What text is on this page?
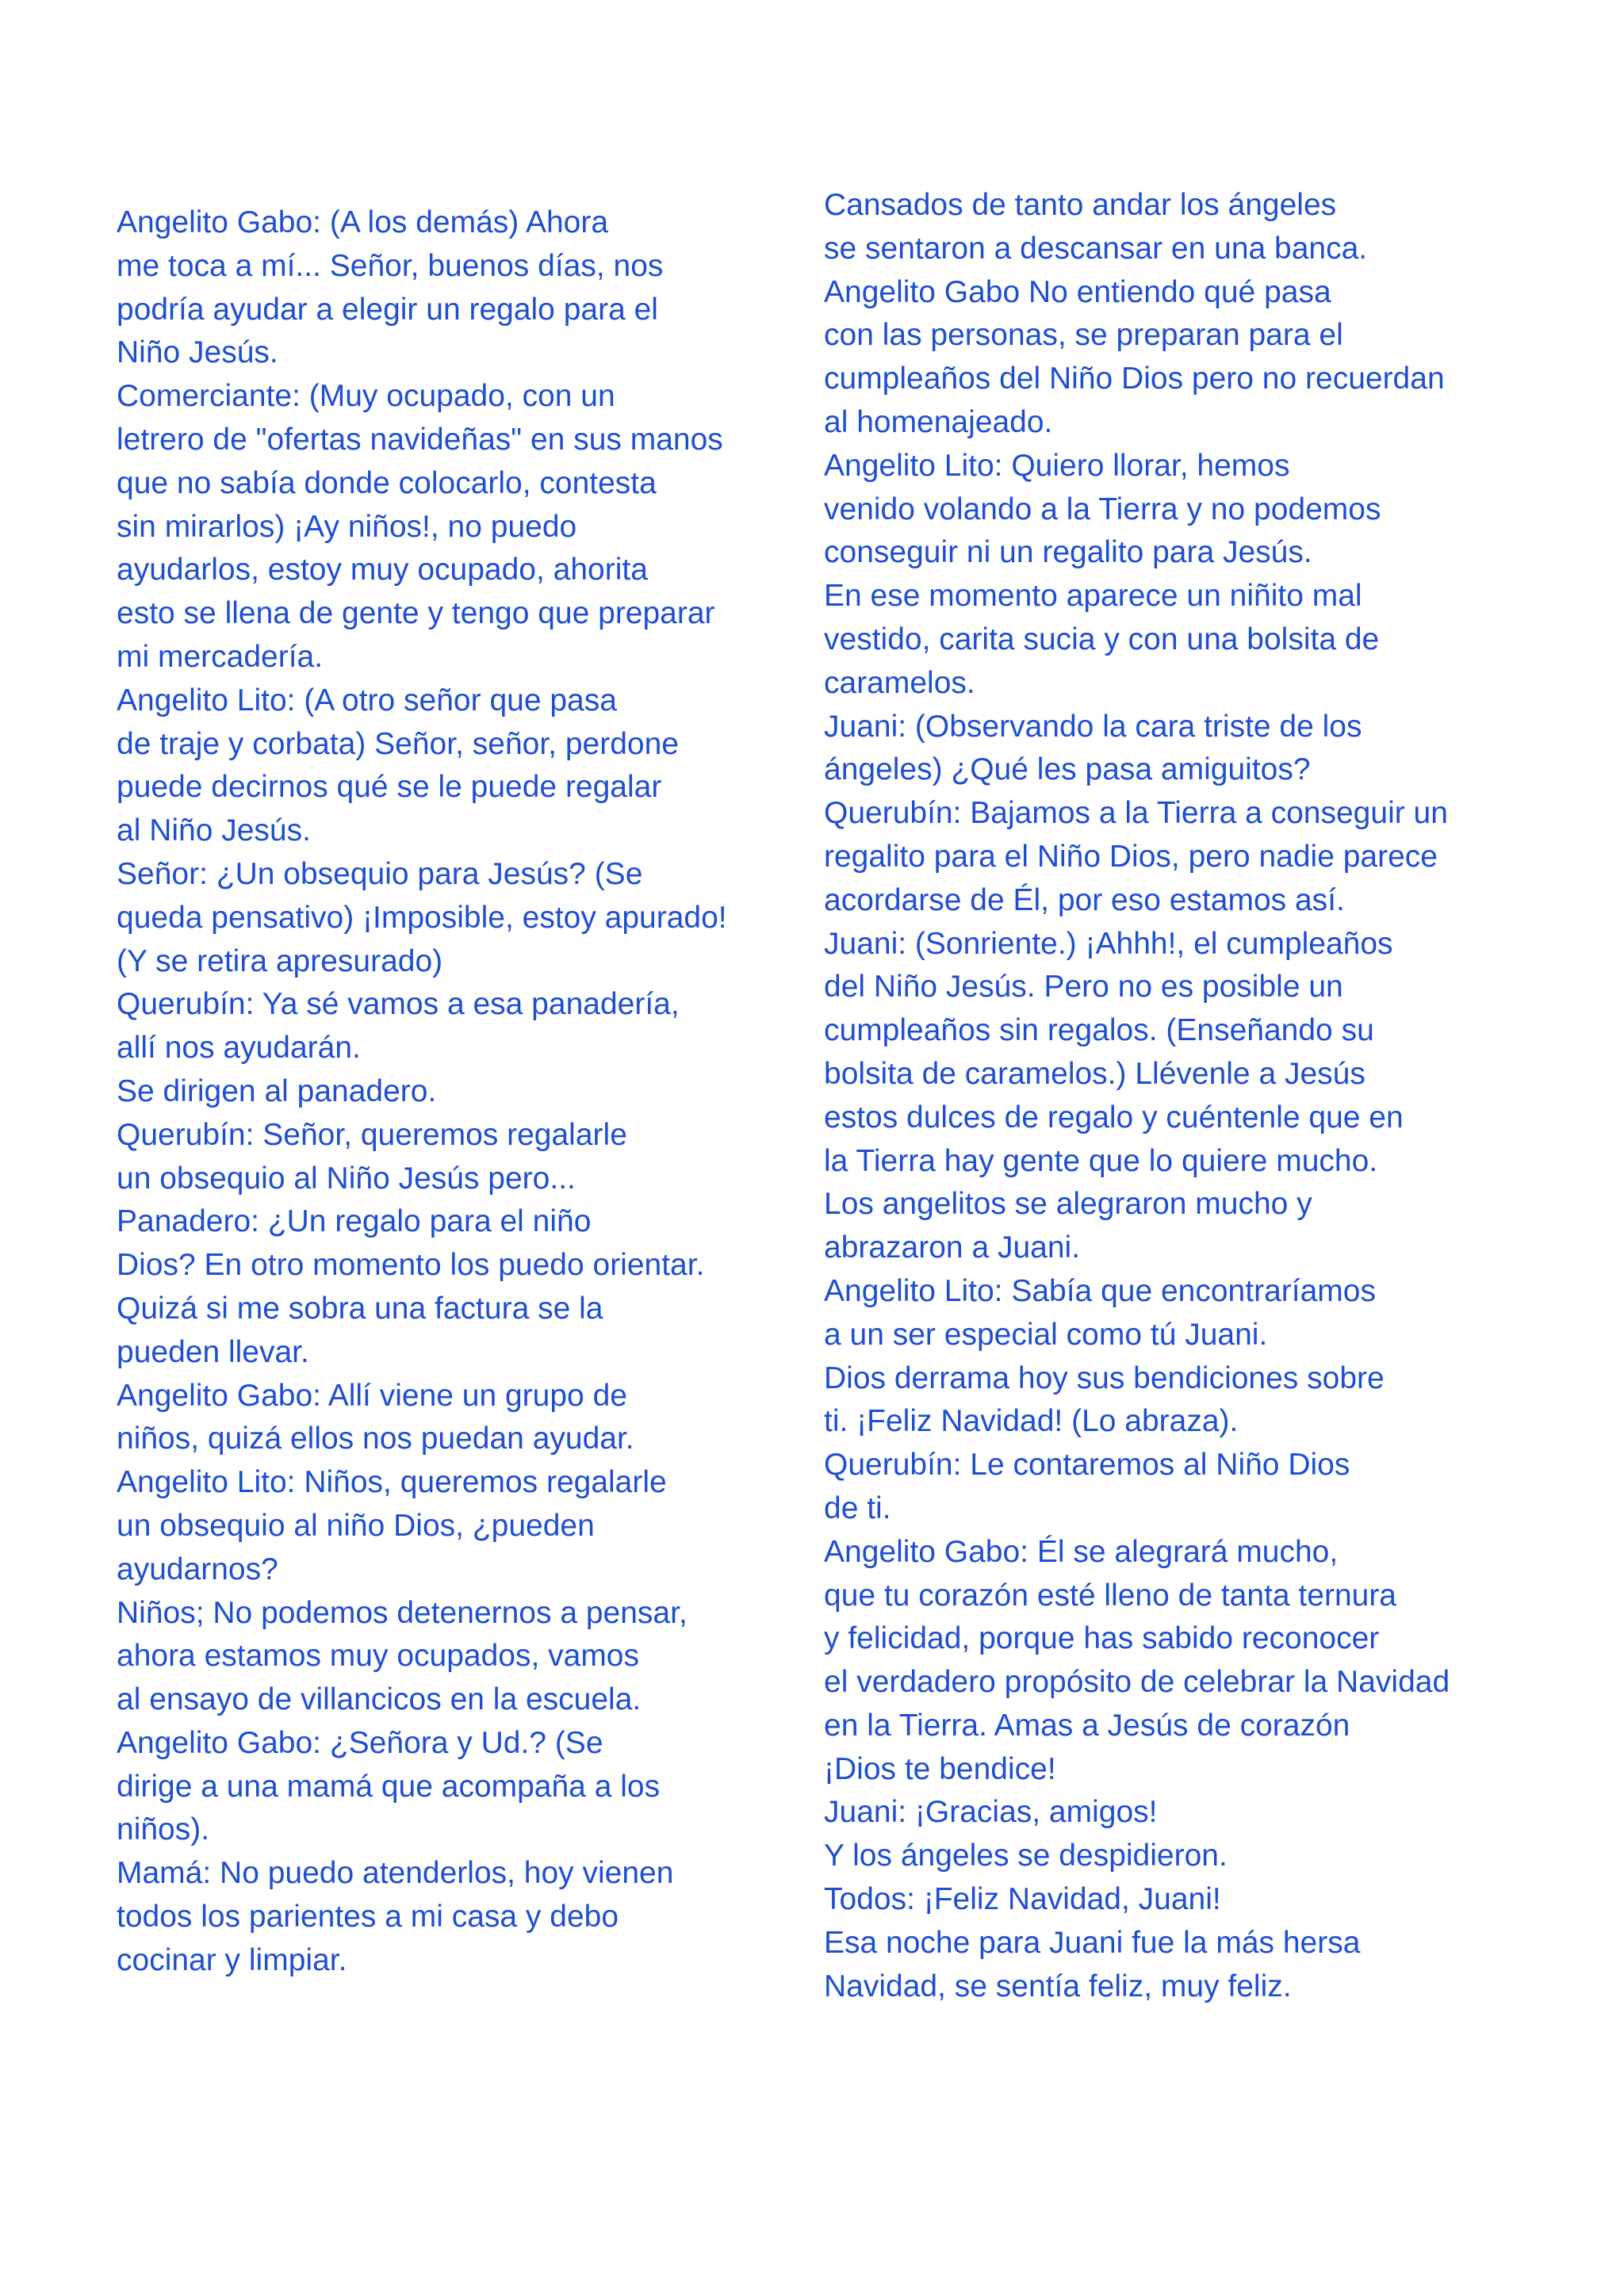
Angelito Gabo: (A los demás) Ahora
me toca a mí... Señor, buenos días, nos
podría ayudar a elegir un regalo para el
Niño Jesús.
Comerciante: (Muy ocupado, con un
letrero de "ofertas navideñas" en sus manos
que no sabía donde colocarlo, contesta
sin mirarlos) ¡Ay niños!, no puedo
ayudarlos, estoy muy ocupado, ahorita
esto se llena de gente y tengo que preparar
mi mercadería.
Angelito Lito: (A otro señor que pasa
de traje y corbata) Señor, señor, perdone
puede decirnos qué se le puede regalar
al Niño Jesús.
Señor: ¿Un obsequio para Jesús? (Se
queda pensativo) ¡Imposible, estoy apurado!
(Y se retira apresurado)
Querubín: Ya sé vamos a esa panadería,
allí nos ayudarán.
Se dirigen al panadero.
Querubín: Señor, queremos regalarle
un obsequio al Niño Jesús pero...
Panadero: ¿Un regalo para el niño
Dios? En otro momento los puedo orientar.
Quizá si me sobra una factura se la
pueden llevar.
Angelito Gabo: Allí viene un grupo de
niños, quizá ellos nos puedan ayudar.
Angelito Lito: Niños, queremos regalarle
un obsequio al niño Dios, ¿pueden
ayudarnos?
Niños; No podemos detenernos a pensar,
ahora estamos muy ocupados, vamos
al ensayo de villancicos en la escuela.
Angelito Gabo: ¿Señora y Ud.? (Se
dirige a una mamá que acompaña a los
niños).
Mamá: No puedo atenderlos, hoy vienen
todos los parientes a mi casa y debo
cocinar y limpiar.
Cansados de tanto andar los ángeles
se sentaron a descansar en una banca.
Angelito Gabo No entiendo qué pasa
con las personas, se preparan para el
cumpleaños del Niño Dios pero no recuerdan
al homenajeado.
Angelito Lito: Quiero llorar, hemos
venido volando a la Tierra y no podemos
conseguir ni un regalito para Jesús.
En ese momento aparece un niñito mal
vestido, carita sucia y con una bolsita de
caramelos.
Juani: (Observando la cara triste de los
ángeles) ¿Qué les pasa amiguitos?
Querubín: Bajamos a la Tierra a conseguir un
regalito para el Niño Dios, pero nadie parece
acordarse de Él, por eso estamos así.
Juani: (Sonriente.) ¡Ahhh!, el cumpleaños
del Niño Jesús. Pero no es posible un
cumpleaños sin regalos. (Enseñando su
bolsita de caramelos.) Llévenle a Jesús
estos dulces de regalo y cuéntenle que en
la Tierra hay gente que lo quiere mucho.
Los angelitos se alegraron mucho y
abrazaron a Juani.
Angelito Lito: Sabía que encontraríamos
a un ser especial como tú Juani.
Dios derrama hoy sus bendiciones sobre
ti. ¡Feliz Navidad! (Lo abraza).
Querubín: Le contaremos al Niño Dios
de ti.
Angelito Gabo: Él se alegrará mucho,
que tu corazón esté lleno de tanta ternura
y felicidad, porque has sabido reconocer
el verdadero propósito de celebrar la Navidad
en la Tierra. Amas a Jesús de corazón
¡Dios te bendice!
Juani: ¡Gracias, amigos!
Y los ángeles se despidieron.
Todos: ¡Feliz Navidad, Juani!
Esa noche para Juani fue la más hersa
Navidad, se sentía feliz, muy feliz.
